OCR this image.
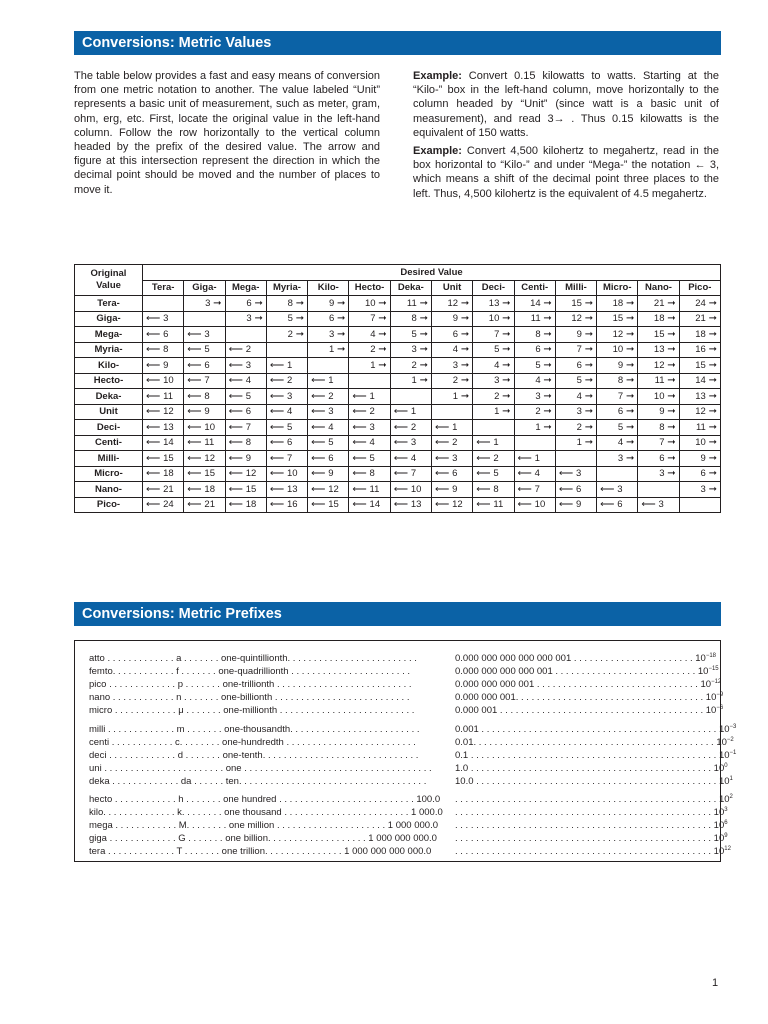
Conversions: Metric Values

The table below provides a fast and easy means of conversion from one metric notation to another. The value labeled “Unit” represents a basic unit of measurement, such as meter, gram, ohm, erg, etc. First, locate the original value in the left-hand column. Follow the row horizontally to the vertical column headed by the prefix of the desired value. The arrow and figure at this intersection represent the direction in which the decimal point should be moved and the number of places to move it.

Example: Convert 0.15 kilowatts to watts. Starting at the “Kilo-” box in the left-hand column, move horizontally to the column headed by “Unit” (since watt is a basic unit of measurement), and read 3→ . Thus 0.15 kilowatts is the equivalent of 150 watts.

Example: Convert 4,500 kilohertz to megahertz, read in the box horizontal to “Kilo-” and under “Mega-” the notation ← 3, which means a shift of the decimal point three places to the left. Thus, 4,500 kilohertz is the equivalent of 4.5 megahertz.

Original Value	Desired Value													
	Tera-	Giga-	Mega-	Myria-	Kilo-	Hecto-	Deka-	Unit	Deci-	Centi-	Milli-	Micro-	Nano-	Pico-
Tera-		3 ➞	6 ➞	8 ➞	9 ➞	10 ➞	11 ➞	12 ➞	13 ➞	14 ➞	15 ➞	18 ➞	21 ➞	24 ➞
Giga-	⟵ 3		3 ➞	5 ➞	6 ➞	7 ➞	8 ➞	9 ➞	10 ➞	11 ➞	12 ➞	15 ➞	18 ➞	21 ➞
Mega-	⟵ 6	⟵ 3		2 ➞	3 ➞	4 ➞	5 ➞	6 ➞	7 ➞	8 ➞	9 ➞	12 ➞	15 ➞	18 ➞
Myria-	⟵ 8	⟵ 5	⟵ 2		1 ➞	2 ➞	3 ➞	4 ➞	5 ➞	6 ➞	7 ➞	10 ➞	13 ➞	16 ➞
Kilo-	⟵ 9	⟵ 6	⟵ 3	⟵ 1		1 ➞	2 ➞	3 ➞	4 ➞	5 ➞	6 ➞	9 ➞	12 ➞	15 ➞
Hecto-	⟵ 10	⟵ 7	⟵ 4	⟵ 2	⟵ 1		1 ➞	2 ➞	3 ➞	4 ➞	5 ➞	8 ➞	11 ➞	14 ➞
Deka-	⟵ 11	⟵ 8	⟵ 5	⟵ 3	⟵ 2	⟵ 1		1 ➞	2 ➞	3 ➞	4 ➞	7 ➞	10 ➞	13 ➞
Unit	⟵ 12	⟵ 9	⟵ 6	⟵ 4	⟵ 3	⟵ 2	⟵ 1		1 ➞	2 ➞	3 ➞	6 ➞	9 ➞	12 ➞
Deci-	⟵ 13	⟵ 10	⟵ 7	⟵ 5	⟵ 4	⟵ 3	⟵ 2	⟵ 1		1 ➞	2 ➞	5 ➞	8 ➞	11 ➞
Centi-	⟵ 14	⟵ 11	⟵ 8	⟵ 6	⟵ 5	⟵ 4	⟵ 3	⟵ 2	⟵ 1		1 ➞	4 ➞	7 ➞	10 ➞
Milli-	⟵ 15	⟵ 12	⟵ 9	⟵ 7	⟵ 6	⟵ 5	⟵ 4	⟵ 3	⟵ 2	⟵ 1		3 ➞	6 ➞	9 ➞
Micro-	⟵ 18	⟵ 15	⟵ 12	⟵ 10	⟵ 9	⟵ 8	⟵ 7	⟵ 6	⟵ 5	⟵ 4	⟵ 3		3 ➞	6 ➞
Nano-	⟵ 21	⟵ 18	⟵ 15	⟵ 13	⟵ 12	⟵ 11	⟵ 10	⟵ 9	⟵ 8	⟵ 7	⟵ 6	⟵ 3		3 ➞
Pico-	⟵ 24	⟵ 21	⟵ 18	⟵ 16	⟵ 15	⟵ 14	⟵ 13	⟵ 12	⟵ 11	⟵ 10	⟵ 9	⟵ 6	⟵ 3	
Conversions: Metric Prefixes
atto . . . . . . . . . . . . . a . . . . . . . one-quintillionth. . . . . . . . . . . . . . . . . . . . . . . . .	0.000 000 000 000 000 001 . . . . . . . . . . . . . . . . . . . . . . . $10^{-18}$
femto. . . . . . . . . . . . f . . . . . . . one-quadrillionth . . . . . . . . . . . . . . . . . . . . . . .	0.000 000 000 000 001 . . . . . . . . . . . . . . . . . . . . . . . . . . . $10^{-15}$
pico . . . . . . . . . . . . . p . . . . . . . one-trillionth . . . . . . . . . . . . . . . . . . . . . . . . . .	0.000 000 000 001 . . . . . . . . . . . . . . . . . . . . . . . . . . . . . . . $10^{-12}$
nano . . . . . . . . . . . . n . . . . . . . one-billionth . . . . . . . . . . . . . . . . . . . . . . . . . .	0.000 000 001. . . . . . . . . . . . . . . . . . . . . . . . . . . . . . . . . . . . $10^{-9}$
micro . . . . . . . . . . . . μ . . . . . . . one-millionth . . . . . . . . . . . . . . . . . . . . . . . . . .	0.000 001 . . . . . . . . . . . . . . . . . . . . . . . . . . . . . . . . . . . . . . . $10^{-6}$
milli . . . . . . . . . . . . . m . . . . . . . one-thousandth. . . . . . . . . . . . . . . . . . . . . . . . .	0.001 . . . . . . . . . . . . . . . . . . . . . . . . . . . . . . . . . . . . . . . . . . . . . $10^{-3}$
centi . . . . . . . . . . . . c. . . . . . . . one-hundredth . . . . . . . . . . . . . . . . . . . . . . . . .	0.01. . . . . . . . . . . . . . . . . . . . . . . . . . . . . . . . . . . . . . . . . . . . . . $10^{-2}$
deci . . . . . . . . . . . . . d . . . . . . . one-tenth. . . . . . . . . . . . . . . . . . . . . . . . . . . . . .	0.1 . . . . . . . . . . . . . . . . . . . . . . . . . . . . . . . . . . . . . . . . . . . . . . . $10^{-1}$
uni . . . . . . . . . . . . . . . . . . . . . . . one . . . . . . . . . . . . . . . . . . . . . . . . . . . . . . . . . . . .	1.0 . . . . . . . . . . . . . . . . . . . . . . . . . . . . . . . . . . . . . . . . . . . . . . $10^0$
deka . . . . . . . . . . . . . da . . . . . . ten. . . . . . . . . . . . . . . . . . . . . . . . . . . . . . . . . . . .	10.0 . . . . . . . . . . . . . . . . . . . . . . . . . . . . . . . . . . . . . . . . . . . . . . $10^1$
hecto . . . . . . . . . . . . h . . . . . . . one hundred . . . . . . . . . . . . . . . . . . . . . . . . . . 100.0	. . . . . . . . . . . . . . . . . . . . . . . . . . . . . . . . . . . . . . . . . . . . . . . . . . $10^2$
kilo. . . . . . . . . . . . . . k. . . . . . . . one thousand . . . . . . . . . . . . . . . . . . . . . . . . 1 000.0	. . . . . . . . . . . . . . . . . . . . . . . . . . . . . . . . . . . . . . . . . . . . . . . . . $10^3$
mega . . . . . . . . . . . . M. . . . . . . . one million . . . . . . . . . . . . . . . . . . . . . 1 000 000.0	. . . . . . . . . . . . . . . . . . . . . . . . . . . . . . . . . . . . . . . . . . . . . . . . . $10^6$
giga . . . . . . . . . . . . . G . . . . . . . one billion. . . . . . . . . . . . . . . . . . . 1 000 000 000.0	. . . . . . . . . . . . . . . . . . . . . . . . . . . . . . . . . . . . . . . . . . . . . . . . . $10^9$
tera . . . . . . . . . . . . . T . . . . . . . one trillion. . . . . . . . . . . . . . . 1 000 000 000 000.0	. . . . . . . . . . . . . . . . . . . . . . . . . . . . . . . . . . . . . . . . . . . . . . . . . $10^{12}$
1
